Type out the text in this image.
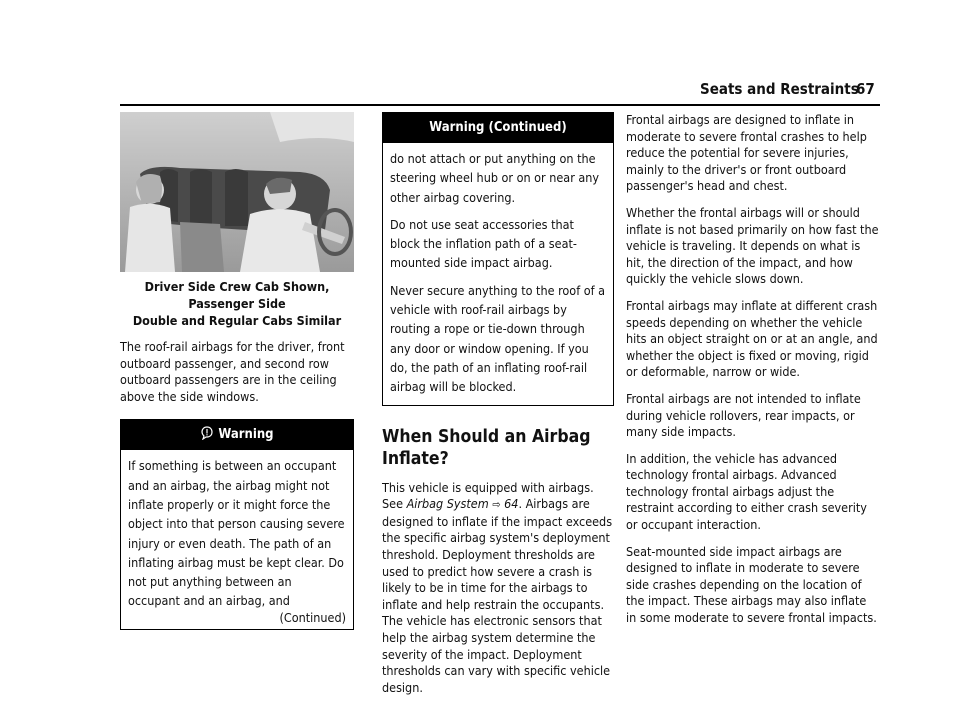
Seats and Restraints
67
Driver Side Crew Cab Shown, Passenger Side
Double and Regular Cabs Similar

The roof-rail airbags for the driver, front outboard passenger, and second row outboard passengers are in the ceiling above the side windows.

Warning

If something is between an occupant and an airbag, the airbag might not inflate properly or it might force the object into that person causing severe injury or even death. The path of an inflating airbag must be kept clear. Do not put anything between an occupant and an airbag, and

(Continued)
Warning (Continued)

do not attach or put anything on the steering wheel hub or on or near any other airbag covering.

Do not use seat accessories that block the inflation path of a seat-mounted side impact airbag.

Never secure anything to the roof of a vehicle with roof-rail airbags by routing a rope or tie-down through any door or window opening. If you do, the path of an inflating roof-rail airbag will be blocked.

When Should an Airbag Inflate?

This vehicle is equipped with airbags. See Airbag System ⇨ 64. Airbags are designed to inflate if the impact exceeds the specific airbag system's deployment threshold. Deployment thresholds are used to predict how severe a crash is likely to be in time for the airbags to inflate and help restrain the occupants. The vehicle has electronic sensors that help the airbag system determine the severity of the impact. Deployment thresholds can vary with specific vehicle design.

Frontal airbags are designed to inflate in moderate to severe frontal crashes to help reduce the potential for severe injuries, mainly to the driver's or front outboard passenger's head and chest.

Whether the frontal airbags will or should inflate is not based primarily on how fast the vehicle is traveling. It depends on what is hit, the direction of the impact, and how quickly the vehicle slows down.

Frontal airbags may inflate at different crash speeds depending on whether the vehicle hits an object straight on or at an angle, and whether the object is fixed or moving, rigid or deformable, narrow or wide.

Frontal airbags are not intended to inflate during vehicle rollovers, rear impacts, or many side impacts.

In addition, the vehicle has advanced technology frontal airbags. Advanced technology frontal airbags adjust the restraint according to either crash severity or occupant interaction.

Seat-mounted side impact airbags are designed to inflate in moderate to severe side crashes depending on the location of the impact. These airbags may also inflate in some moderate to severe frontal impacts.
